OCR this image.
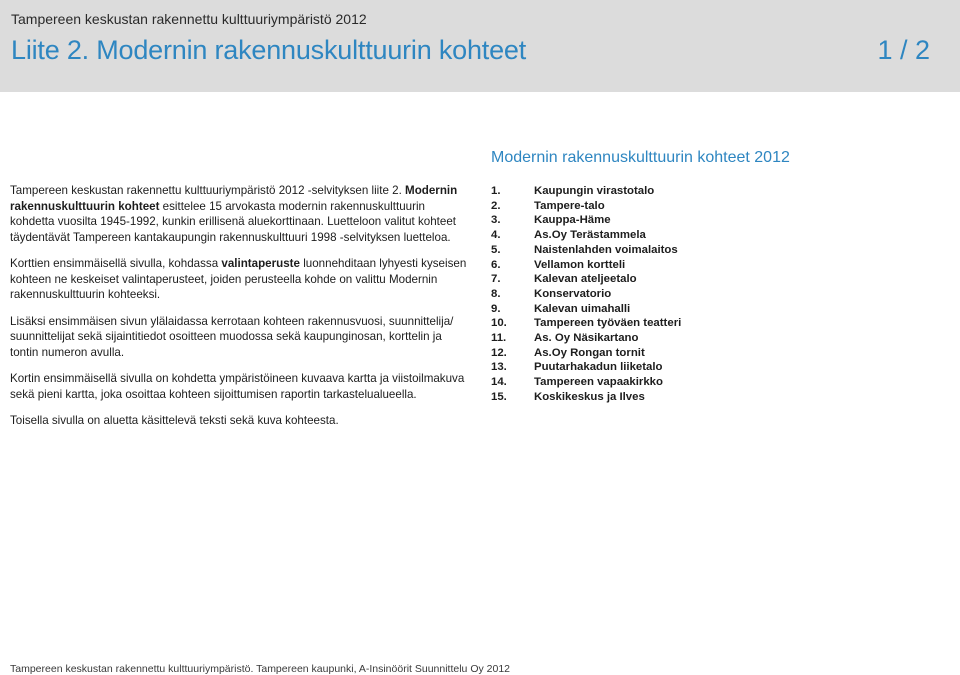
Tampereen keskustan rakennettu kulttuuriympäristö 2012
Liite 2. Modernin rakennuskulttuurin kohteet	1 / 2
Modernin rakennuskulttuurin kohteet 2012

Tampereen keskustan rakennettu kulttuuriympäristö 2012 -selvityksen liite 2. Modernin rakennuskulttuurin kohteet esittelee 15 arvokasta modernin rakennuskulttuurin kohdetta vuosilta 1945-1992, kunkin erillisenä aluekorttinaan. Luetteloon valitut kohteet täydentävät Tampereen kantakaupungin rakennuskulttuuri 1998 -selvityksen luetteloa.

Korttien ensimmäisellä sivulla, kohdassa valintaperuste luonnehditaan lyhyesti kyseisen kohteen ne keskeiset valintaperusteet, joiden perusteella kohde on valittu Modernin rakennuskulttuurin kohteeksi.

Lisäksi ensimmäisen sivun ylälaidassa kerrotaan kohteen rakennusvuosi, suunnittelija/ suunnittelijat sekä sijaintitiedot osoitteen muodossa sekä kaupunginosan, korttelin ja tontin numeron avulla.

Kortin ensimmäisellä sivulla on kohdetta ympäristöineen kuvaava kartta ja viistoilmakuva sekä pieni kartta, joka osoittaa kohteen sijoittumisen raportin tarkastelualueella.

Toisella sivulla on aluetta käsittelevä teksti sekä kuva kohteesta.

1.	Kaupungin virastotalo
2.	Tampere-talo
3.	Kauppa-Häme
4.	As.Oy Terästammela
5.	Naistenlahden voimalaitos
6.	Vellamon kortteli
7.	Kalevan ateljeetalo
8.	Konservatorio
9.	Kalevan uimahalli
10.	Tampereen työväen teatteri
11.	As. Oy Näsikartano
12.	As.Oy Rongan tornit
13.	Puutarhakadun liiketalo
14.	Tampereen vapaakirkko
15.	Koskikeskus ja Ilves
Tampereen keskustan rakennettu kulttuuriympäristö. Tampereen kaupunki, A-Insinöörit Suunnittelu Oy 2012
